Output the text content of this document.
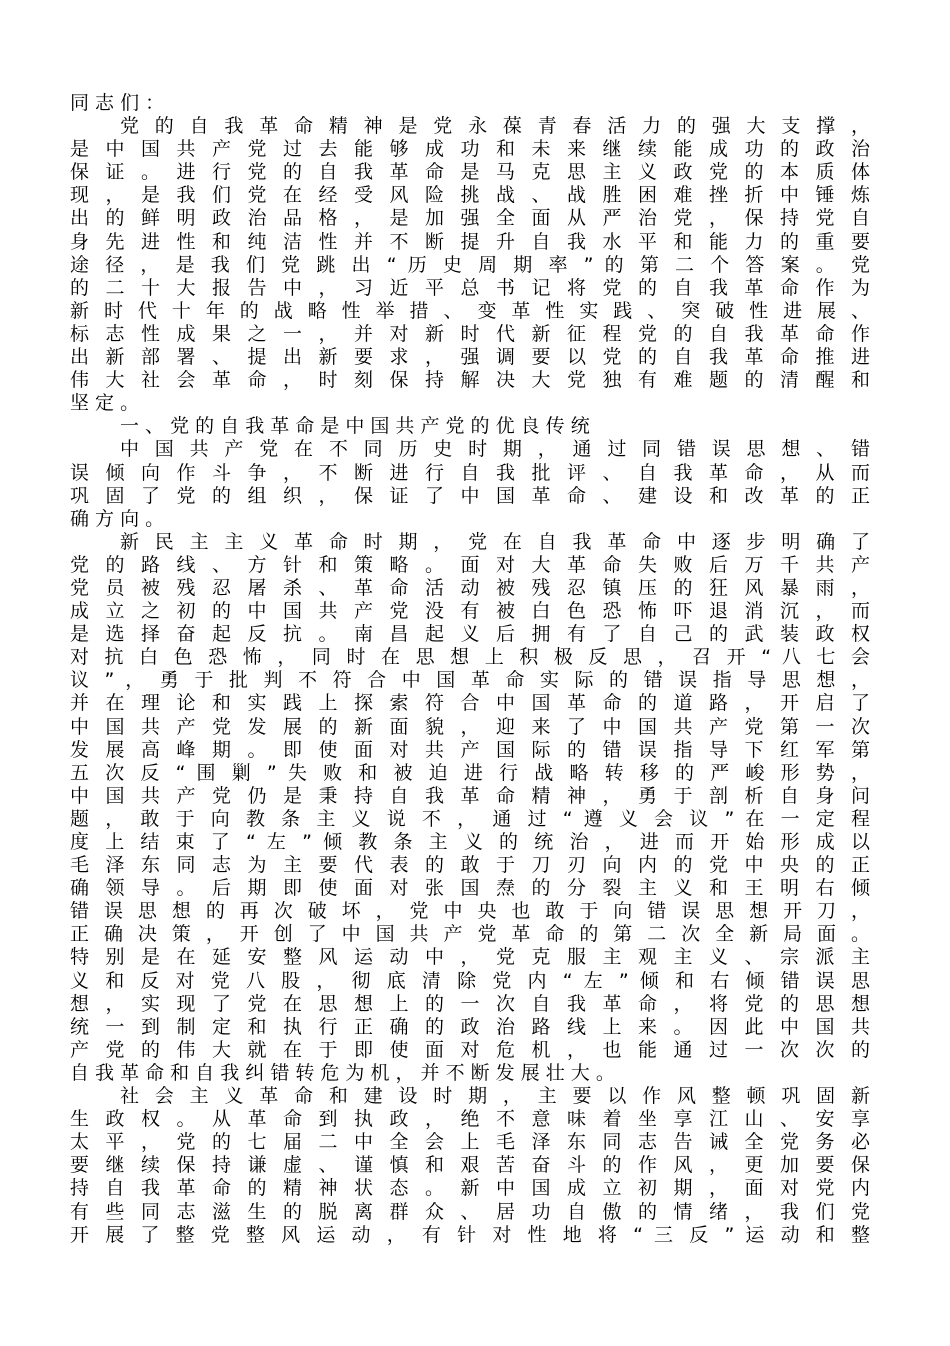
同 志 们 ：
党 的 自 我 革 命 精 神 是 党 永 葆 青 春 活 力 的 强 大 支 撑 ，
是 中 国 共 产 党 过 去 能 够 成 功 和 未 来 继 续 能 成 功 的 政 治
保 证 。 进 行 党 的 自 我 革 命 是 马 克 思 主 义 政 党 的 本 质 体
现 ， 是 我 们 党 在 经 受 风 险 挑 战 、 战 胜 困 难 挫 折 中 锤 炼
出 的 鲜 明 政 治 品 格 ， 是 加 强 全 面 从 严 治 党 ， 保 持 党 自
身 先 进 性 和 纯 洁 性 并 不 断 提 升 自 我 水 平 和 能 力 的 重 要
途 径 ， 是 我 们 党 跳 出 “ 历 史 周 期 率 ” 的 第 二 个 答 案 。 党
的 二 十 大 报 告 中 ， 习 近 平 总 书 记 将 党 的 自 我 革 命 作 为
新 时 代 十 年 的 战 略 性 举 措 、 变 革 性 实 践 、 突 破 性 进 展 、
标 志 性 成 果 之 一 ， 并 对 新 时 代 新 征 程 党 的 自 我 革 命 作
出 新 部 署 、 提 出 新 要 求 ， 强 调 要 以 党 的 自 我 革 命 推 进
伟 大 社 会 革 命 ， 时 刻 保 持 解 决 大 党 独 有 难 题 的 清 醒 和
坚 定 。
一 、 党 的 自 我 革 命 是 中 国 共 产 党 的 优 良 传 统
中 国 共 产 党 在 不 同 历 史 时 期 ， 通 过 同 错 误 思 想 、 错
误 倾 向 作 斗 争 ， 不 断 进 行 自 我 批 评 、 自 我 革 命 ， 从 而
巩 固 了 党 的 组 织 ， 保 证 了 中 国 革 命 、 建 设 和 改 革 的 正
确 方 向 。
新 民 主 主 义 革 命 时 期 ， 党 在 自 我 革 命 中 逐 步 明 确 了
党 的 路 线 、 方 针 和 策 略 。 面 对 大 革 命 失 败 后 万 千 共 产
党 员 被 残 忍 屠 杀 、 革 命 活 动 被 残 忍 镇 压 的 狂 风 暴 雨 ，
成 立 之 初 的 中 国 共 产 党 没 有 被 白 色 恐 怖 吓 退 消 沉 ， 而
是 选 择 奋 起 反 抗 。 南 昌 起 义 后 拥 有 了 自 己 的 武 装 政 权
对 抗 白 色 恐 怖 ， 同 时 在 思 想 上 积 极 反 思 ， 召 开 “ 八 七 会
议 ” ， 勇 于 批 判 不 符 合 中 国 革 命 实 际 的 错 误 指 导 思 想 ，
并 在 理 论 和 实 践 上 探 索 符 合 中 国 革 命 的 道 路 ， 开 启 了
中 国 共 产 党 发 展 的 新 面 貌 ， 迎 来 了 中 国 共 产 党 第 一 次
发 展 高 峰 期 。 即 使 面 对 共 产 国 际 的 错 误 指 导 下 红 军 第
五 次 反 “ 围 剿 ” 失 败 和 被 迫 进 行 战 略 转 移 的 严 峻 形 势 ，
中 国 共 产 党 仍 是 秉 持 自 我 革 命 精 神 ， 勇 于 剖 析 自 身 问
题 ， 敢 于 向 教 条 主 义 说 不 ， 通 过 “ 遵 义 会 议 ” 在 一 定 程
度 上 结 束 了 “ 左 ” 倾 教 条 主 义 的 统 治 ， 进 而 开 始 形 成 以
毛 泽 东 同 志 为 主 要 代 表 的 敢 于 刀 刃 向 内 的 党 中 央 的 正
确 领 导 。 后 期 即 使 面 对 张 国 焘 的 分 裂 主 义 和 王 明 右 倾
错 误 思 想 的 再 次 破 坏 ， 党 中 央 也 敢 于 向 错 误 思 想 开 刀 ，
正 确 决 策 ， 开 创 了 中 国 共 产 党 革 命 的 第 二 次 全 新 局 面 。
特 别 是 在 延 安 整 风 运 动 中 ， 党 克 服 主 观 主 义 、 宗 派 主
义 和 反 对 党 八 股 ， 彻 底 清 除 党 内 “ 左 ” 倾 和 右 倾 错 误 思
想 ， 实 现 了 党 在 思 想 上 的 一 次 自 我 革 命 ， 将 党 的 思 想
统 一 到 制 定 和 执 行 正 确 的 政 治 路 线 上 来 。 因 此 中 国 共
产 党 的 伟 大 就 在 于 即 使 面 对 危 机 ， 也 能 通 过 一 次 次 的
自 我 革 命 和 自 我 纠 错 转 危 为 机 ， 并 不 断 发 展 壮 大 。
社 会 主 义 革 命 和 建 设 时 期 ， 主 要 以 作 风 整 顿 巩 固 新
生 政 权 。 从 革 命 到 执 政 ， 绝 不 意 味 着 坐 享 江 山 、 安 享
太 平 ， 党 的 七 届 二 中 全 会 上 毛 泽 东 同 志 告 诫 全 党 务 必
要 继 续 保 持 谦 虚 、 谨 慎 和 艰 苦 奋 斗 的 作 风 ， 更 加 要 保
持 自 我 革 命 的 精 神 状 态 。 新 中 国 成 立 初 期 ， 面 对 党 内
有 些 同 志 滋 生 的 脱 离 群 众 、 居 功 自 傲 的 情 绪 ， 我 们 党
开 展 了 整 党 整 风 运 动 ， 有 针 对 性 地 将 “ 三 反 ” 运 动 和 整
